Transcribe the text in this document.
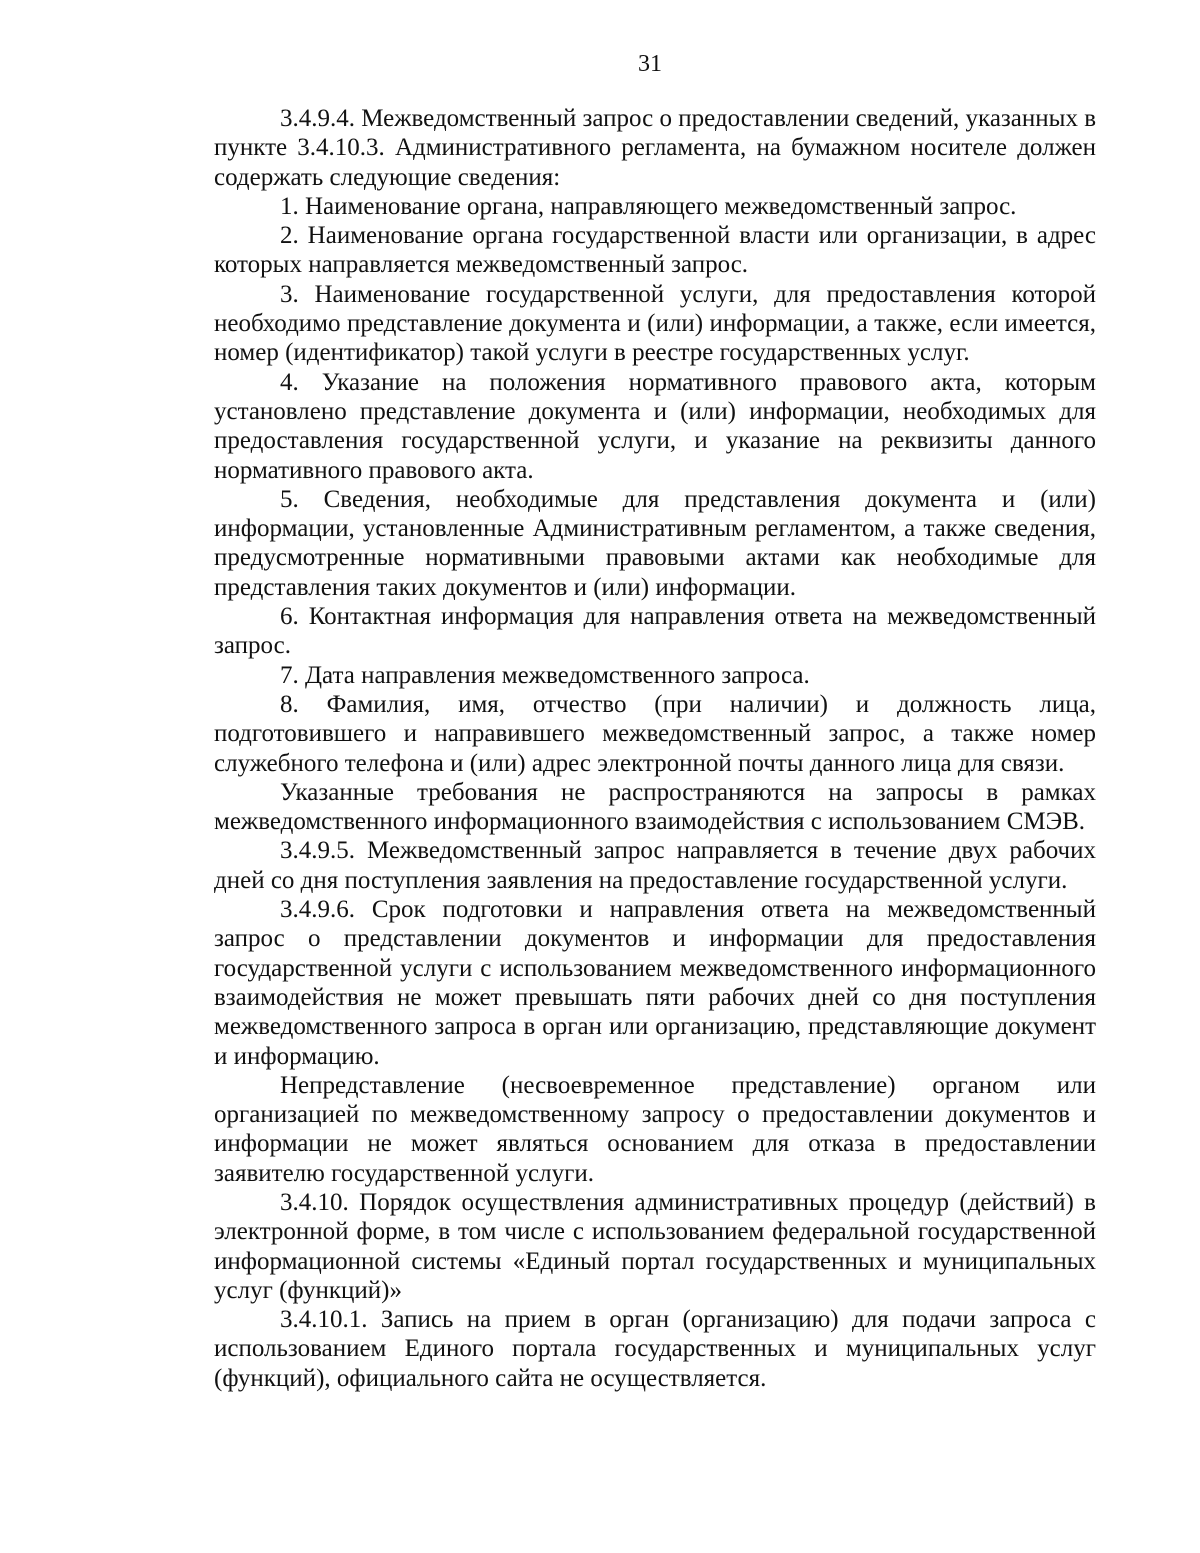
31

3.4.9.4. Межведомственный запрос о предоставлении сведений, указанных в пункте 3.4.10.3. Административного регламента, на бумажном носителе должен содержать следующие сведения:

1. Наименование органа, направляющего межведомственный запрос.

2. Наименование органа государственной власти или организации, в адрес которых направляется межведомственный запрос.

3. Наименование государственной услуги, для предоставления которой необходимо представление документа и (или) информации, а также, если имеется, номер (идентификатор) такой услуги в реестре государственных услуг.

4. Указание на положения нормативного правового акта, которым установлено представление документа и (или) информации, необходимых для предоставления государственной услуги, и указание на реквизиты данного нормативного правового акта.

5. Сведения, необходимые для представления документа и (или) информации, установленные Административным регламентом, а также сведения, предусмотренные нормативными правовыми актами как необходимые для представления таких документов и (или) информации.

6. Контактная информация для направления ответа на межведомственный запрос.

7. Дата направления межведомственного запроса.

8. Фамилия, имя, отчество (при наличии) и должность лица, подготовившего и направившего межведомственный запрос, а также номер служебного телефона и (или) адрес электронной почты данного лица для связи.

Указанные требования не распространяются на запросы в рамках межведомственного информационного взаимодействия с использованием СМЭВ.

3.4.9.5. Межведомственный запрос направляется в течение двух рабочих дней со дня поступления заявления на предоставление государственной услуги.

3.4.9.6. Срок подготовки и направления ответа на межведомственный запрос о представлении документов и информации для предоставления государственной услуги с использованием межведомственного информационного взаимодействия не может превышать пяти рабочих дней со дня поступления межведомственного запроса в орган или организацию, представляющие документ и информацию.

Непредставление (несвоевременное представление) органом или организацией по межведомственному запросу о предоставлении документов и информации не может являться основанием для отказа в предоставлении заявителю государственной услуги.

3.4.10. Порядок осуществления административных процедур (действий) в электронной форме, в том числе с использованием федеральной государственной информационной системы «Единый портал государственных и муниципальных услуг (функций)»

3.4.10.1. Запись на прием в орган (организацию) для подачи запроса с использованием Единого портала государственных и муниципальных услуг (функций), официального сайта не осуществляется.
